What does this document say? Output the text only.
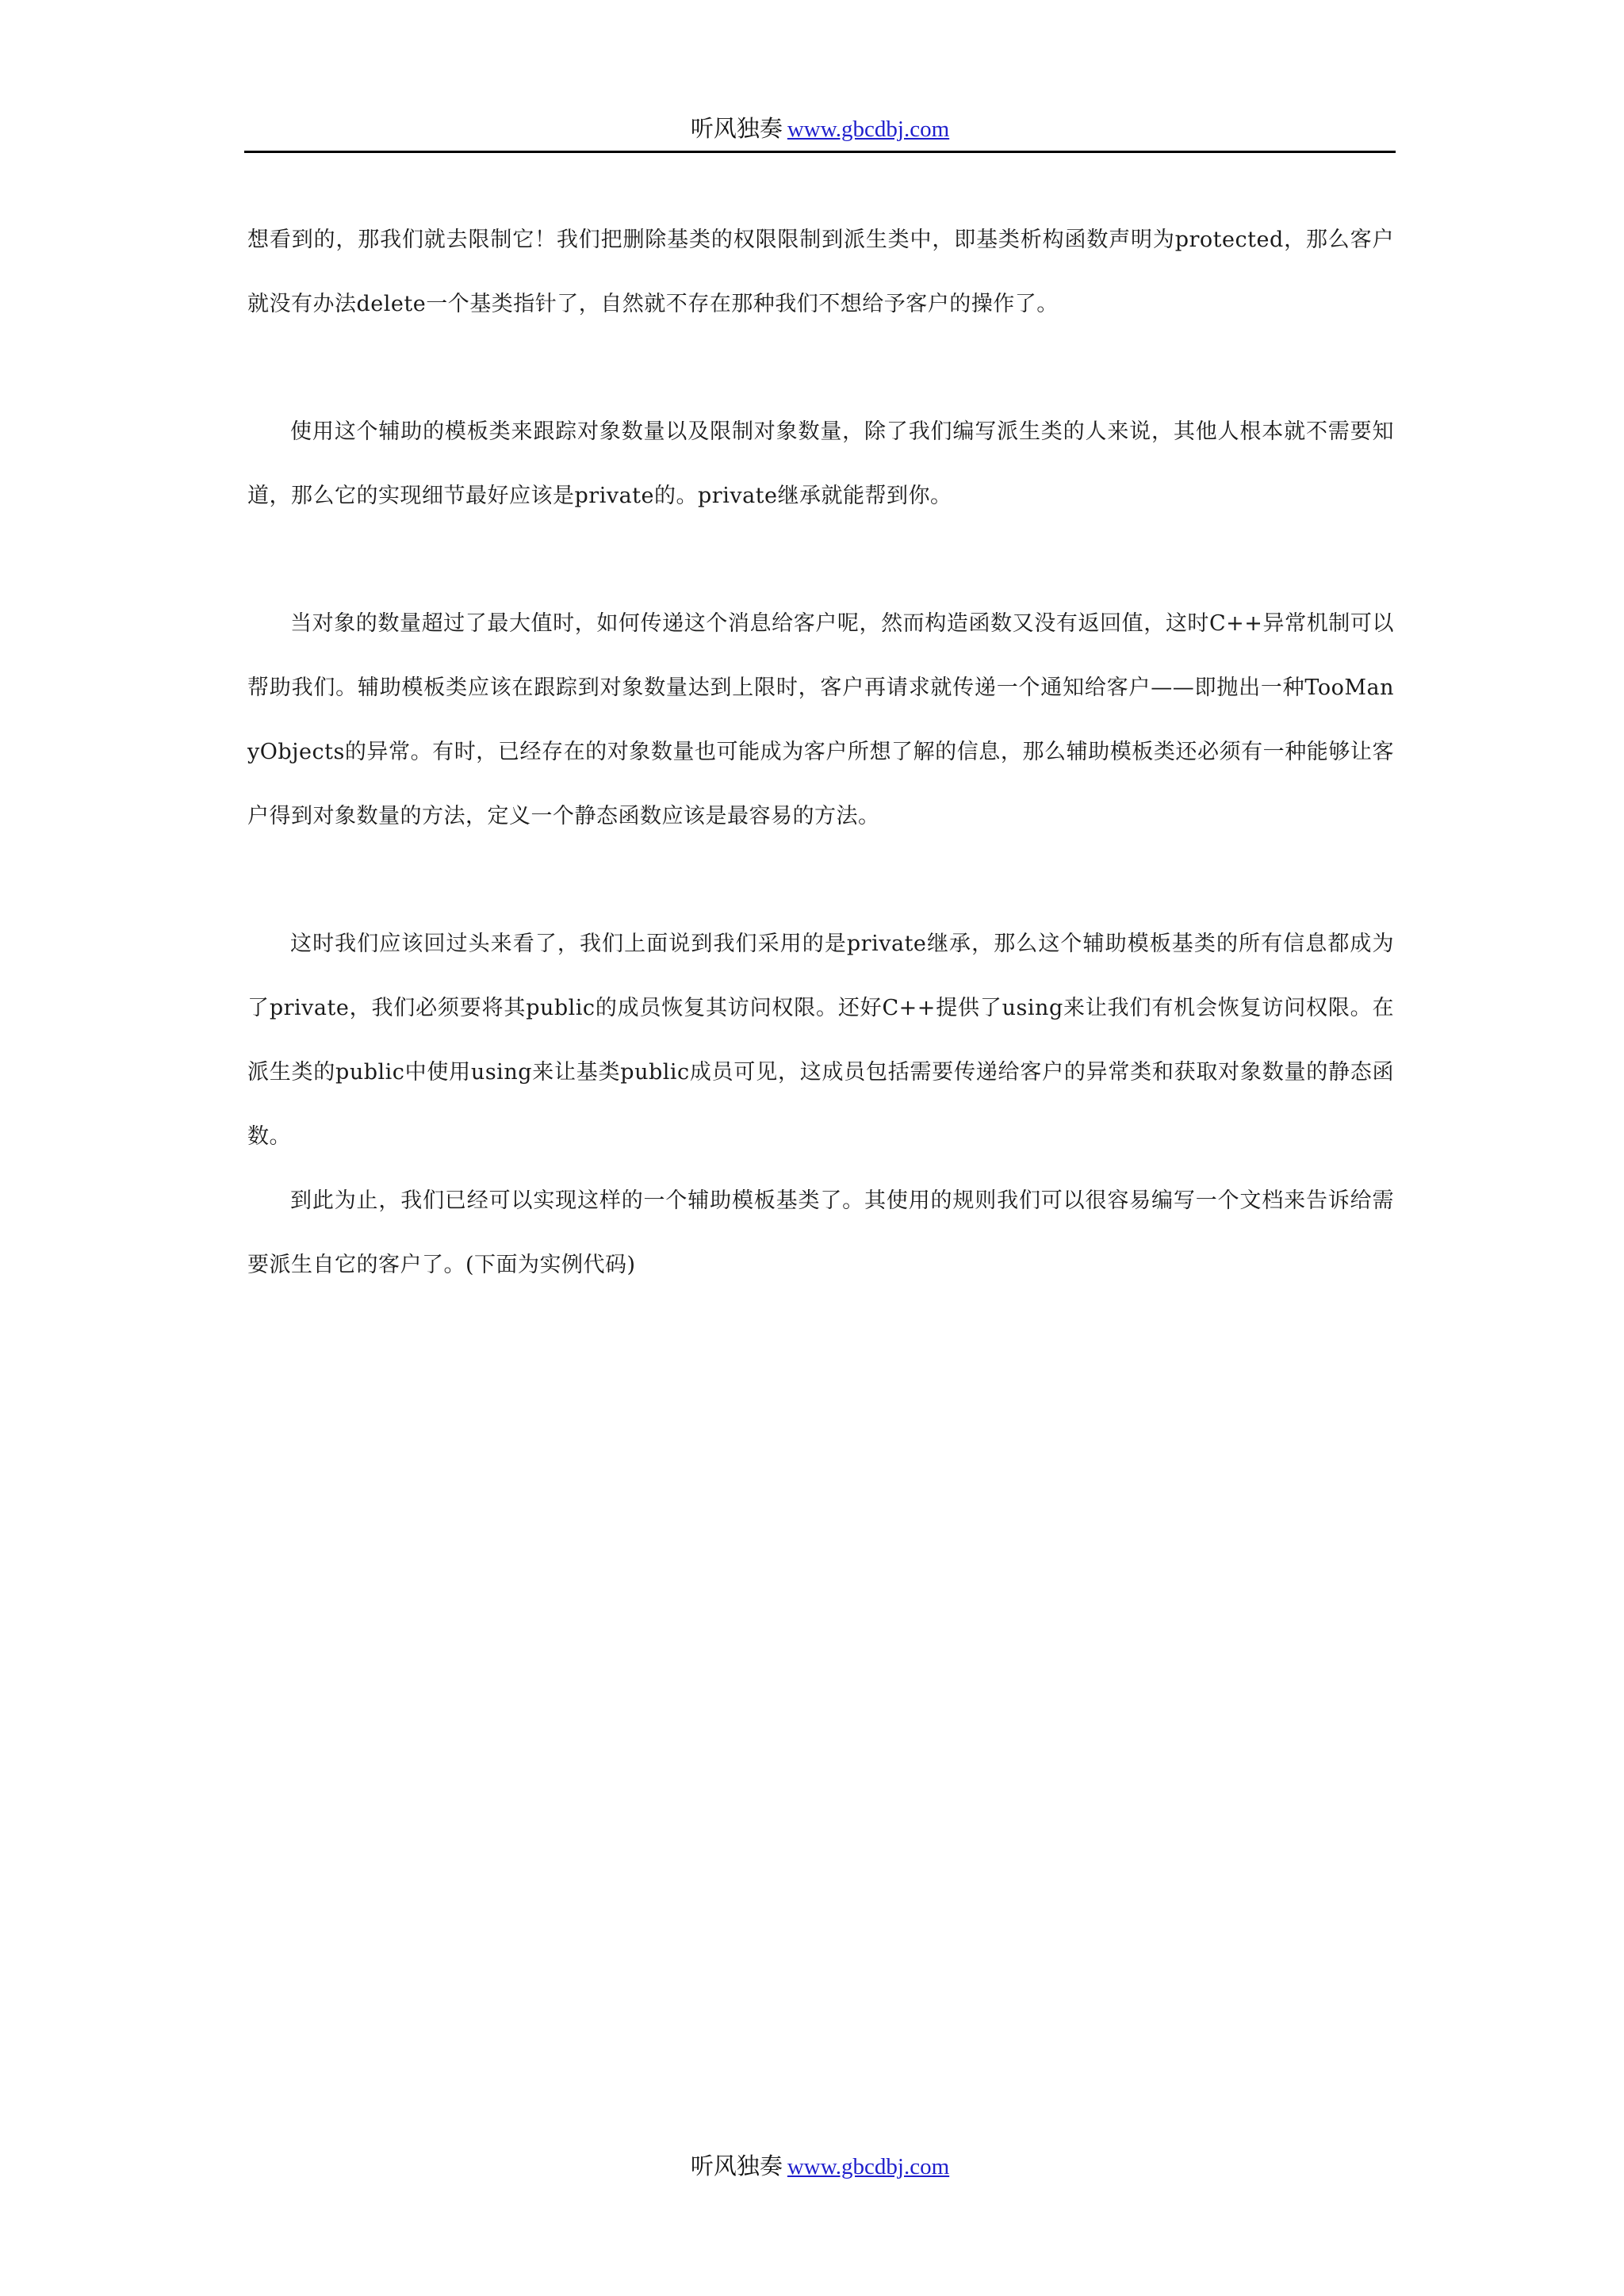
听风独奏 www.gbcdbj.com

想看到的，那我们就去限制它！我们把删除基类的权限限制到派生类中，即基类析构函数声明为protected，那么客户就没有办法delete一个基类指针了，自然就不存在那种我们不想给予客户的操作了。

使用这个辅助的模板类来跟踪对象数量以及限制对象数量，除了我们编写派生类的人来说，其他人根本就不需要知道，那么它的实现细节最好应该是private的。private继承就能帮到你。

当对象的数量超过了最大值时，如何传递这个消息给客户呢，然而构造函数又没有返回值，这时C++异常机制可以帮助我们。辅助模板类应该在跟踪到对象数量达到上限时，客户再请求就传递一个通知给客户——即抛出一种TooManyObjects的异常。有时，已经存在的对象数量也可能成为客户所想了解的信息，那么辅助模板类还必须有一种能够让客户得到对象数量的方法，定义一个静态函数应该是最容易的方法。

这时我们应该回过头来看了，我们上面说到我们采用的是private继承，那么这个辅助模板基类的所有信息都成为了private，我们必须要将其public的成员恢复其访问权限。还好C++提供了using来让我们有机会恢复访问权限。在派生类的public中使用using来让基类public成员可见，这成员包括需要传递给客户的异常类和获取对象数量的静态函数。

到此为止，我们已经可以实现这样的一个辅助模板基类了。其使用的规则我们可以很容易编写一个文档来告诉给需要派生自它的客户了。(下面为实例代码)

听风独奏 www.gbcdbj.com
